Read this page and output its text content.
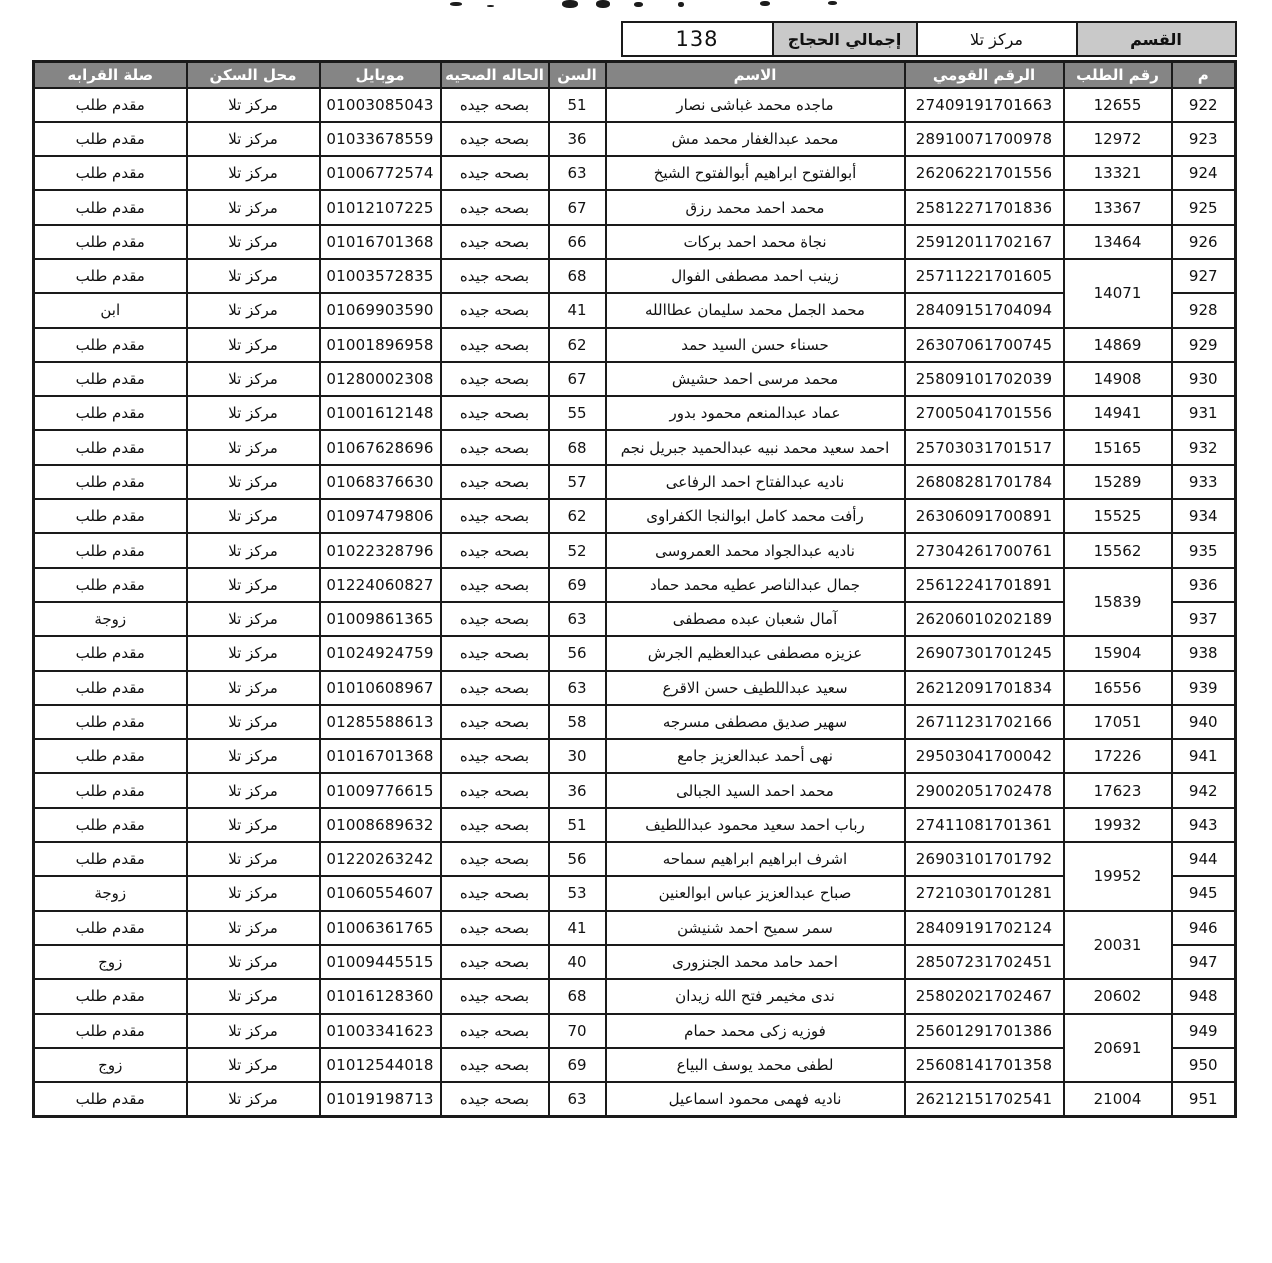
القسم
مركز تلا
إجمالي الحجاج
138
م	رقم الطلب	الرقم القومي	الاسم	السن	الحاله الصحيه	موبايل	محل السكن	صلة القرابه
922	12655	27409191701663	ماجده محمد غباشى نصار	51	بصحه جيده	01003085043	مركز تلا	مقدم طلب
923	12972	28910071700978	محمد عبدالغفار محمد مش	36	بصحه جيده	01033678559	مركز تلا	مقدم طلب
924	13321	26206221701556	أبوالفتوح ابراهيم أبوالفتوح الشيخ	63	بصحه جيده	01006772574	مركز تلا	مقدم طلب
925	13367	25812271701836	محمد احمد محمد رزق	67	بصحه جيده	01012107225	مركز تلا	مقدم طلب
926	13464	25912011702167	نجاة محمد احمد بركات	66	بصحه جيده	01016701368	مركز تلا	مقدم طلب
927	14071	25711221701605	زينب احمد مصطفى الفوال	68	بصحه جيده	01003572835	مركز تلا	مقدم طلب
928		28409151704094	محمد الجمل محمد سليمان عطاالله	41	بصحه جيده	01069903590	مركز تلا	ابن
929	14869	26307061700745	حسناء حسن السيد حمد	62	بصحه جيده	01001896958	مركز تلا	مقدم طلب
930	14908	25809101702039	محمد مرسى احمد حشيش	67	بصحه جيده	01280002308	مركز تلا	مقدم طلب
931	14941	27005041701556	عماد عبدالمنعم محمود بدور	55	بصحه جيده	01001612148	مركز تلا	مقدم طلب
932	15165	25703031701517	احمد سعيد محمد نبيه عبدالحميد جبريل نجم	68	بصحه جيده	01067628696	مركز تلا	مقدم طلب
933	15289	26808281701784	ناديه عبدالفتاح احمد الرفاعى	57	بصحه جيده	01068376630	مركز تلا	مقدم طلب
934	15525	26306091700891	رأفت محمد كامل ابوالنجا الكفراوى	62	بصحه جيده	01097479806	مركز تلا	مقدم طلب
935	15562	27304261700761	ناديه عبدالجواد محمد العمروسى	52	بصحه جيده	01022328796	مركز تلا	مقدم طلب
936	15839	25612241701891	جمال عبدالناصر عطيه محمد حماد	69	بصحه جيده	01224060827	مركز تلا	مقدم طلب
937		26206010202189	آمال شعبان عبده مصطفى	63	بصحه جيده	01009861365	مركز تلا	زوجة
938	15904	26907301701245	عزيزه مصطفى عبدالعظيم الجرش	56	بصحه جيده	01024924759	مركز تلا	مقدم طلب
939	16556	26212091701834	سعيد عبداللطيف حسن الاقرع	63	بصحه جيده	01010608967	مركز تلا	مقدم طلب
940	17051	26711231702166	سهير صديق مصطفى مسرجه	58	بصحه جيده	01285588613	مركز تلا	مقدم طلب
941	17226	29503041700042	نهى أحمد عبدالعزيز جامع	30	بصحه جيده	01016701368	مركز تلا	مقدم طلب
942	17623	29002051702478	محمد احمد السيد الجبالى	36	بصحه جيده	01009776615	مركز تلا	مقدم طلب
943	19932	27411081701361	رباب احمد سعيد محمود عبداللطيف	51	بصحه جيده	01008689632	مركز تلا	مقدم طلب
944	19952	26903101701792	اشرف ابراهيم ابراهيم سماحه	56	بصحه جيده	01220263242	مركز تلا	مقدم طلب
945		27210301701281	صباح عبدالعزيز عباس ابوالعنين	53	بصحه جيده	01060554607	مركز تلا	زوجة
946	20031	28409191702124	سمر سميح احمد شنيشن	41	بصحه جيده	01006361765	مركز تلا	مقدم طلب
947		28507231702451	احمد حامد محمد الجنزورى	40	بصحه جيده	01009445515	مركز تلا	زوج
948	20602	25802021702467	ندى مخيمر فتح الله زيدان	68	بصحه جيده	01016128360	مركز تلا	مقدم طلب
949	20691	25601291701386	فوزيه زكى محمد حمام	70	بصحه جيده	01003341623	مركز تلا	مقدم طلب
950		25608141701358	لطفى محمد يوسف البياع	69	بصحه جيده	01012544018	مركز تلا	زوج
951	21004	26212151702541	ناديه فهمى محمود اسماعيل	63	بصحه جيده	01019198713	مركز تلا	مقدم طلب
